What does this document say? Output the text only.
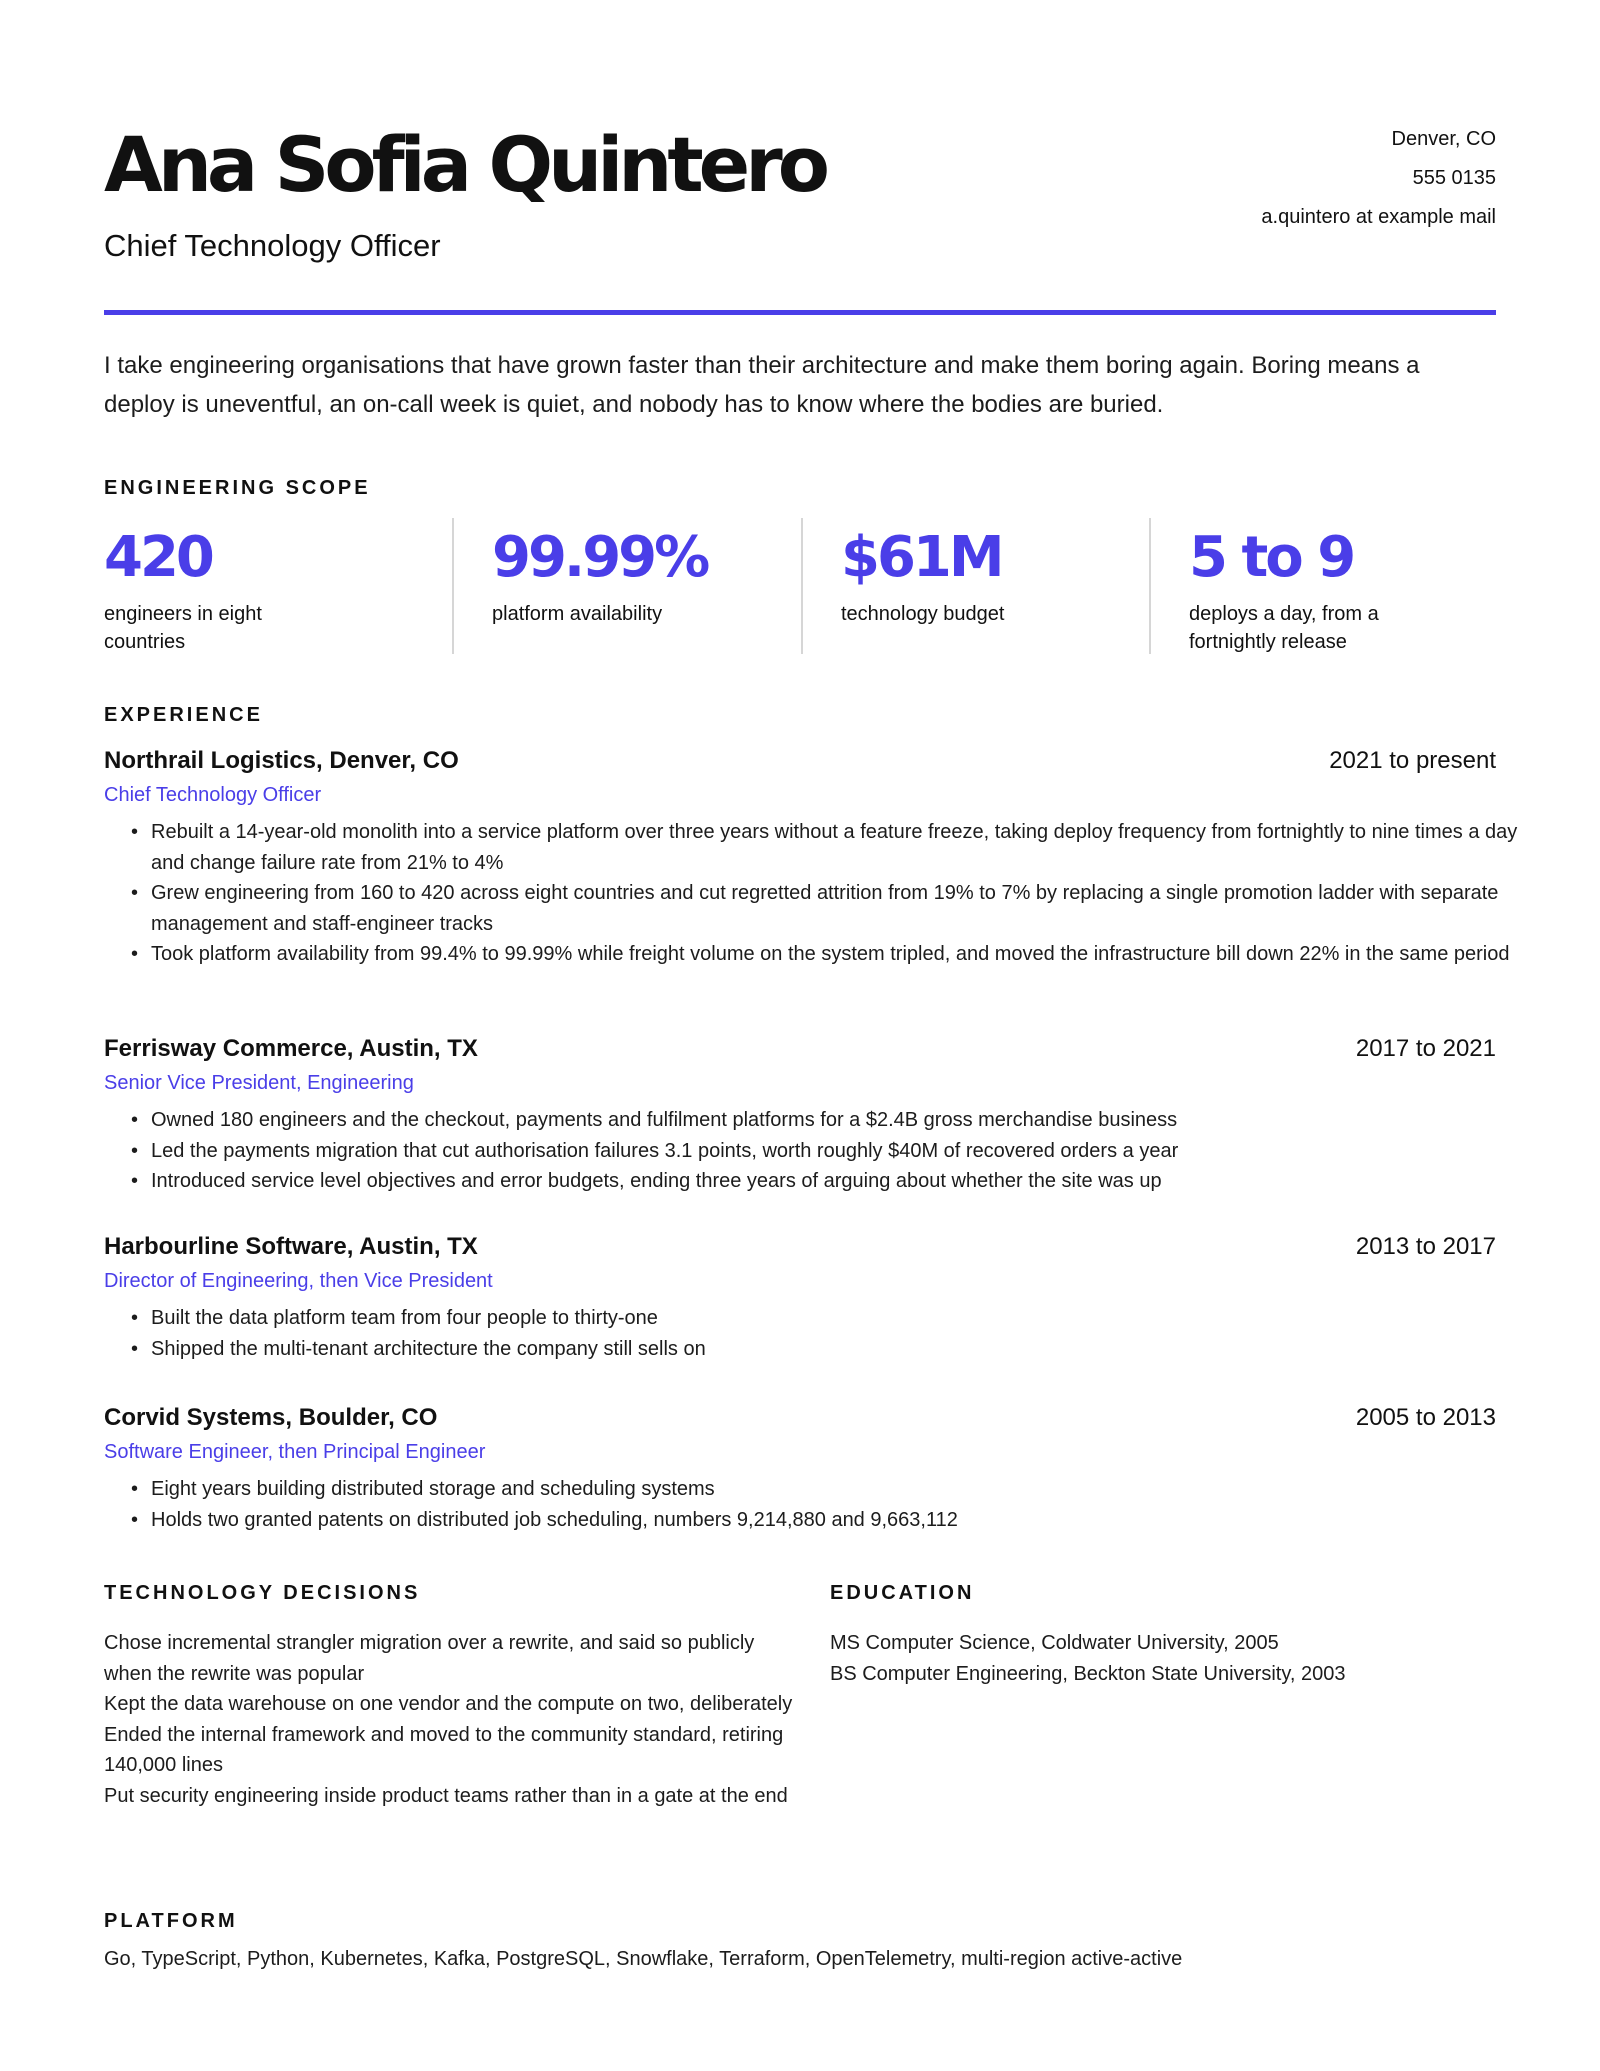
Ana Sofia Quintero
Chief Technology Officer
Denver, CO
555 0135
a.quintero at example mail
I take engineering organisations that have grown faster than their architecture and make them boring again. Boring means a deploy is uneventful, an on-call week is quiet, and nobody has to know where the bodies are buried.
ENGINEERING SCOPE
420
engineers in eight countries
99.99%
platform availability
$61M
technology budget
5 to 9
deploys a day, from a fortnightly release
EXPERIENCE
Northrail Logistics, Denver, CO	2021 to present
Chief Technology Officer
• Rebuilt a 14-year-old monolith into a service platform over three years without a feature freeze, taking deploy frequency from fortnightly to nine times a day and change failure rate from 21% to 4%
• Grew engineering from 160 to 420 across eight countries and cut regretted attrition from 19% to 7% by replacing a single promotion ladder with separate management and staff-engineer tracks
• Took platform availability from 99.4% to 99.99% while freight volume on the system tripled, and moved the infrastructure bill down 22% in the same period
Ferrisway Commerce, Austin, TX	2017 to 2021
Senior Vice President, Engineering
• Owned 180 engineers and the checkout, payments and fulfilment platforms for a $2.4B gross merchandise business
• Led the payments migration that cut authorisation failures 3.1 points, worth roughly $40M of recovered orders a year
• Introduced service level objectives and error budgets, ending three years of arguing about whether the site was up
Harbourline Software, Austin, TX	2013 to 2017
Director of Engineering, then Vice President
• Built the data platform team from four people to thirty-one
• Shipped the multi-tenant architecture the company still sells on
Corvid Systems, Boulder, CO	2005 to 2013
Software Engineer, then Principal Engineer
• Eight years building distributed storage and scheduling systems
• Holds two granted patents on distributed job scheduling, numbers 9,214,880 and 9,663,112
TECHNOLOGY DECISIONS
Chose incremental strangler migration over a rewrite, and said so publicly when the rewrite was popular
Kept the data warehouse on one vendor and the compute on two, deliberately
Ended the internal framework and moved to the community standard, retiring 140,000 lines
Put security engineering inside product teams rather than in a gate at the end
EDUCATION
MS Computer Science, Coldwater University, 2005
BS Computer Engineering, Beckton State University, 2003
PLATFORM
Go, TypeScript, Python, Kubernetes, Kafka, PostgreSQL, Snowflake, Terraform, OpenTelemetry, multi-region active-active
